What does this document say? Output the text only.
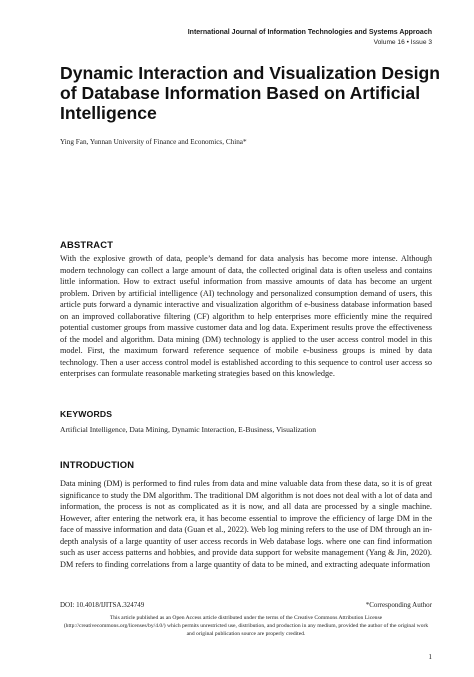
International Journal of Information Technologies and Systems Approach
Volume 16 • Issue 3
Dynamic Interaction and Visualization Design of Database Information Based on Artificial Intelligence
Ying Fan, Yunnan University of Finance and Economics, China*
ABSTRACT

With the explosive growth of data, people’s demand for data analysis has become more intense. Although modern technology can collect a large amount of data, the collected original data is often useless and contains little information. How to extract useful information from massive amounts of data has become an urgent problem. Driven by artificial intelligence (AI) technology and personalized consumption demand of users, this article puts forward a dynamic interactive and visualization algorithm of e-business database information based on an improved collaborative filtering (CF) algorithm to help enterprises more efficiently mine the required potential customer groups from massive customer data and log data. Experiment results prove the effectiveness of the model and algorithm. Data mining (DM) technology is applied to the user access control model in this model. First, the maximum forward reference sequence of mobile e-business groups is mined by data technology. Then a user access control model is established according to this sequence to control user access so enterprises can formulate reasonable marketing strategies based on this knowledge.

KEYWORDS

Artificial Intelligence, Data Mining, Dynamic Interaction, E-Business, Visualization

INTRODUCTION

Data mining (DM) is performed to find rules from data and mine valuable data from these data, so it is of great significance to study the DM algorithm. The traditional DM algorithm is not does not deal with a lot of data and information, the process is not as complicated as it is now, and all data are processed by a single machine. However, after entering the network era, it has become essential to improve the efficiency of large DM in the face of massive information and data (Guan et al., 2022). Web log mining refers to the use of DM through an in-depth analysis of a large quantity of user access records in Web database logs. where one can find information such as user access patterns and hobbies, and provide data support for website management (Yang & Jin, 2020). DM refers to finding correlations from a large quantity of data to be mined, and extracting adequate information

DOI: 10.4018/IJITSA.324749	*Corresponding Author
This article published as an Open Access article distributed under the terms of the Creative Commons Attribution License (http://creativecommons.org/licenses/by/4.0/) which permits unrestricted use, distribution, and production in any medium, provided the author of the original work and original publication source are properly credited.
1
